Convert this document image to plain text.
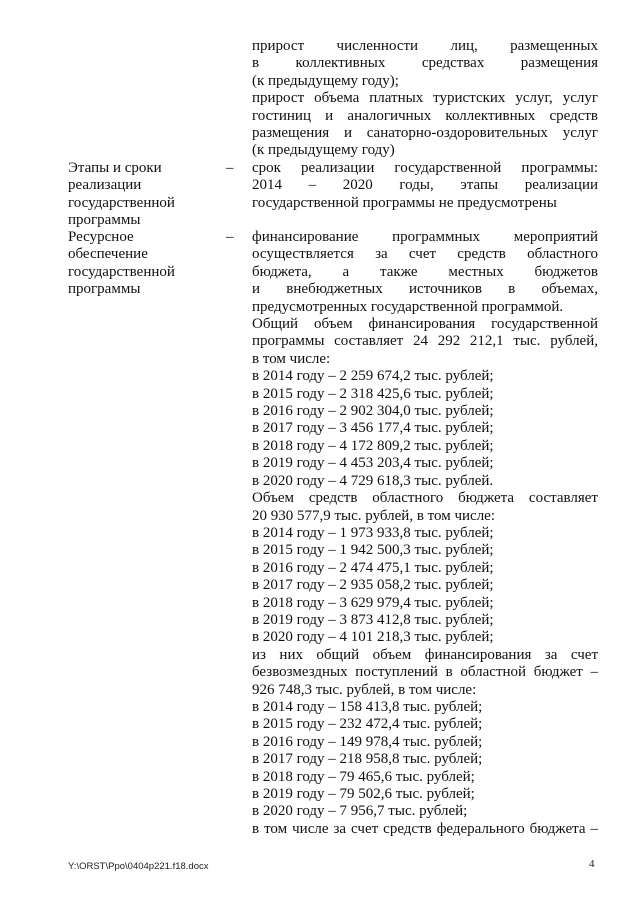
прирост численности лиц, размещенных
в коллективных средствах размещения
(к предыдущему году);
прирост объема платных туристских услуг, услуг
гостиниц и аналогичных коллективных средств
размещения и санаторно-оздоровительных услуг
(к предыдущему году)
Этапы и сроки
реализации
государственной
программы
– срок реализации государственной программы:
2014 – 2020 годы, этапы реализации
государственной программы не предусмотрены
Ресурсное
обеспечение
государственной
программы
– финансирование программных мероприятий
осуществляется за счет средств областного
бюджета, а также местных бюджетов
и внебюджетных источников в объемах,
предусмотренных государственной программой.
Общий объем финансирования государственной
программы составляет 24 292 212,1 тыс. рублей,
в том числе:
в 2014 году – 2 259 674,2 тыс. рублей;
в 2015 году – 2 318 425,6 тыс. рублей;
в 2016 году – 2 902 304,0 тыс. рублей;
в 2017 году – 3 456 177,4 тыс. рублей;
в 2018 году – 4 172 809,2 тыс. рублей;
в 2019 году – 4 453 203,4 тыс. рублей;
в 2020 году – 4 729 618,3 тыс. рублей.
Объем средств областного бюджета составляет
20 930 577,9 тыс. рублей, в том числе:
в 2014 году – 1 973 933,8 тыс. рублей;
в 2015 году – 1 942 500,3 тыс. рублей;
в 2016 году – 2 474 475,1 тыс. рублей;
в 2017 году – 2 935 058,2 тыс. рублей;
в 2018 году – 3 629 979,4 тыс. рублей;
в 2019 году – 3 873 412,8 тыс. рублей;
в 2020 году – 4 101 218,3 тыс. рублей;
из них общий объем финансирования за счет
безвозмездных поступлений в областной бюджет –
926 748,3 тыс. рублей, в том числе:
в 2014 году – 158 413,8 тыс. рублей;
в 2015 году – 232 472,4 тыс. рублей;
в 2016 году – 149 978,4 тыс. рублей;
в 2017 году – 218 958,8 тыс. рублей;
в 2018 году – 79 465,6 тыс. рублей;
в 2019 году – 79 502,6 тыс. рублей;
в 2020 году – 7 956,7 тыс. рублей;
в том числе за счет средств федерального бюджета –
Y:\ORST\Ppo\0404p221.f18.docx	4
